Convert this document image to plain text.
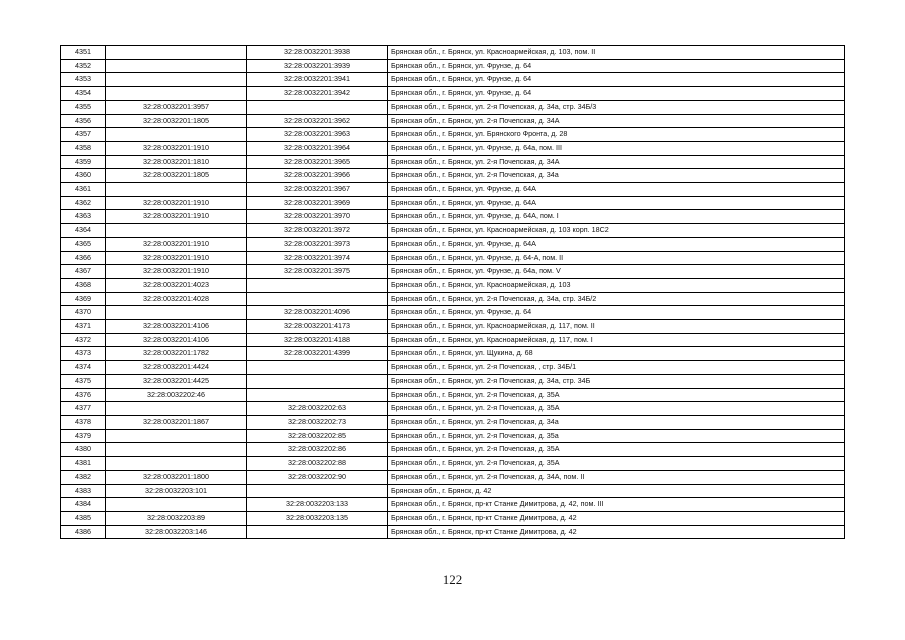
4351		32:28:0032201:3938	Брянская обл., г. Брянск, ул. Красноармейская, д. 103, пом. II
4352		32:28:0032201:3939	Брянская обл., г. Брянск, ул. Фрунзе, д. 64
4353		32:28:0032201:3941	Брянская обл., г. Брянск, ул. Фрунзе, д. 64
4354		32:28:0032201:3942	Брянская обл., г. Брянск, ул. Фрунзе, д. 64
4355	32:28:0032201:3957		Брянская обл., г. Брянск, ул. 2-я Почепская, д. 34а, стр. 34Б/3
4356	32:28:0032201:1805	32:28:0032201:3962	Брянская обл., г. Брянск, ул. 2-я Почепская, д. 34А
4357		32:28:0032201:3963	Брянская обл., г. Брянск, ул. Брянского Фронта, д. 28
4358	32:28:0032201:1910	32:28:0032201:3964	Брянская обл., г. Брянск, ул. Фрунзе, д. 64а, пом. III
4359	32:28:0032201:1810	32:28:0032201:3965	Брянская обл., г. Брянск, ул. 2-я Почепская, д. 34А
4360	32:28:0032201:1805	32:28:0032201:3966	Брянская обл., г. Брянск, ул. 2-я Почепская, д. 34а
4361		32:28:0032201:3967	Брянская обл., г. Брянск, ул. Фрунзе, д. 64А
4362	32:28:0032201:1910	32:28:0032201:3969	Брянская обл., г. Брянск, ул. Фрунзе, д. 64А
4363	32:28:0032201:1910	32:28:0032201:3970	Брянская обл., г. Брянск, ул. Фрунзе, д. 64А, пом. I
4364		32:28:0032201:3972	Брянская обл., г. Брянск, ул. Красноармейская, д. 103 корп. 18С2
4365	32:28:0032201:1910	32:28:0032201:3973	Брянская обл., г. Брянск, ул. Фрунзе, д. 64А
4366	32:28:0032201:1910	32:28:0032201:3974	Брянская обл., г. Брянск, ул. Фрунзе, д. 64-А, пом. II
4367	32:28:0032201:1910	32:28:0032201:3975	Брянская обл., г. Брянск, ул. Фрунзе, д. 64а, пом. V
4368	32:28:0032201:4023		Брянская обл., г. Брянск, ул. Красноармейская, д. 103
4369	32:28:0032201:4028		Брянская обл., г. Брянск, ул. 2-я Почепская, д. 34а, стр. 34Б/2
4370		32:28:0032201:4096	Брянская обл., г. Брянск, ул. Фрунзе, д. 64
4371	32:28:0032201:4106	32:28:0032201:4173	Брянская обл., г. Брянск, ул. Красноармейская, д. 117, пом. II
4372	32:28:0032201:4106	32:28:0032201:4188	Брянская обл., г. Брянск, ул. Красноармейская, д. 117, пом. I
4373	32:28:0032201:1782	32:28:0032201:4399	Брянская обл., г. Брянск, ул. Щукина, д. 68
4374	32:28:0032201:4424		Брянская обл., г. Брянск, ул. 2-я Почепская, , стр. 34Б/1
4375	32:28:0032201:4425		Брянская обл., г. Брянск, ул. 2-я Почепская, д. 34а, стр. 34Б
4376	32:28:0032202:46		Брянская обл., г. Брянск, ул. 2-я Почепская, д. 35А
4377		32:28:0032202:63	Брянская обл., г. Брянск, ул. 2-я Почепская, д. 35А
4378	32:28:0032201:1867	32:28:0032202:73	Брянская обл., г. Брянск, ул. 2-я Почепская, д. 34а
4379		32:28:0032202:85	Брянская обл., г. Брянск, ул. 2-я Почепская, д. 35а
4380		32:28:0032202:86	Брянская обл., г. Брянск, ул. 2-я Почепская, д. 35А
4381		32:28:0032202:88	Брянская обл., г. Брянск, ул. 2-я Почепская, д. 35А
4382	32:28:0032201:1800	32:28:0032202:90	Брянская обл., г. Брянск, ул. 2-я Почепская, д. 34А, пом. II
4383	32:28:0032203:101		Брянская обл., г. Брянск, д. 42
4384		32:28:0032203:133	Брянская обл., г. Брянск, пр-кт Станке Димитрова, д. 42, пом. III
4385	32:28:0032203:89	32:28:0032203:135	Брянская обл., г. Брянск, пр-кт Станке Димитрова, д. 42
4386	32:28:0032203:146		Брянская обл., г. Брянск, пр-кт Станке Димитрова, д. 42
122
